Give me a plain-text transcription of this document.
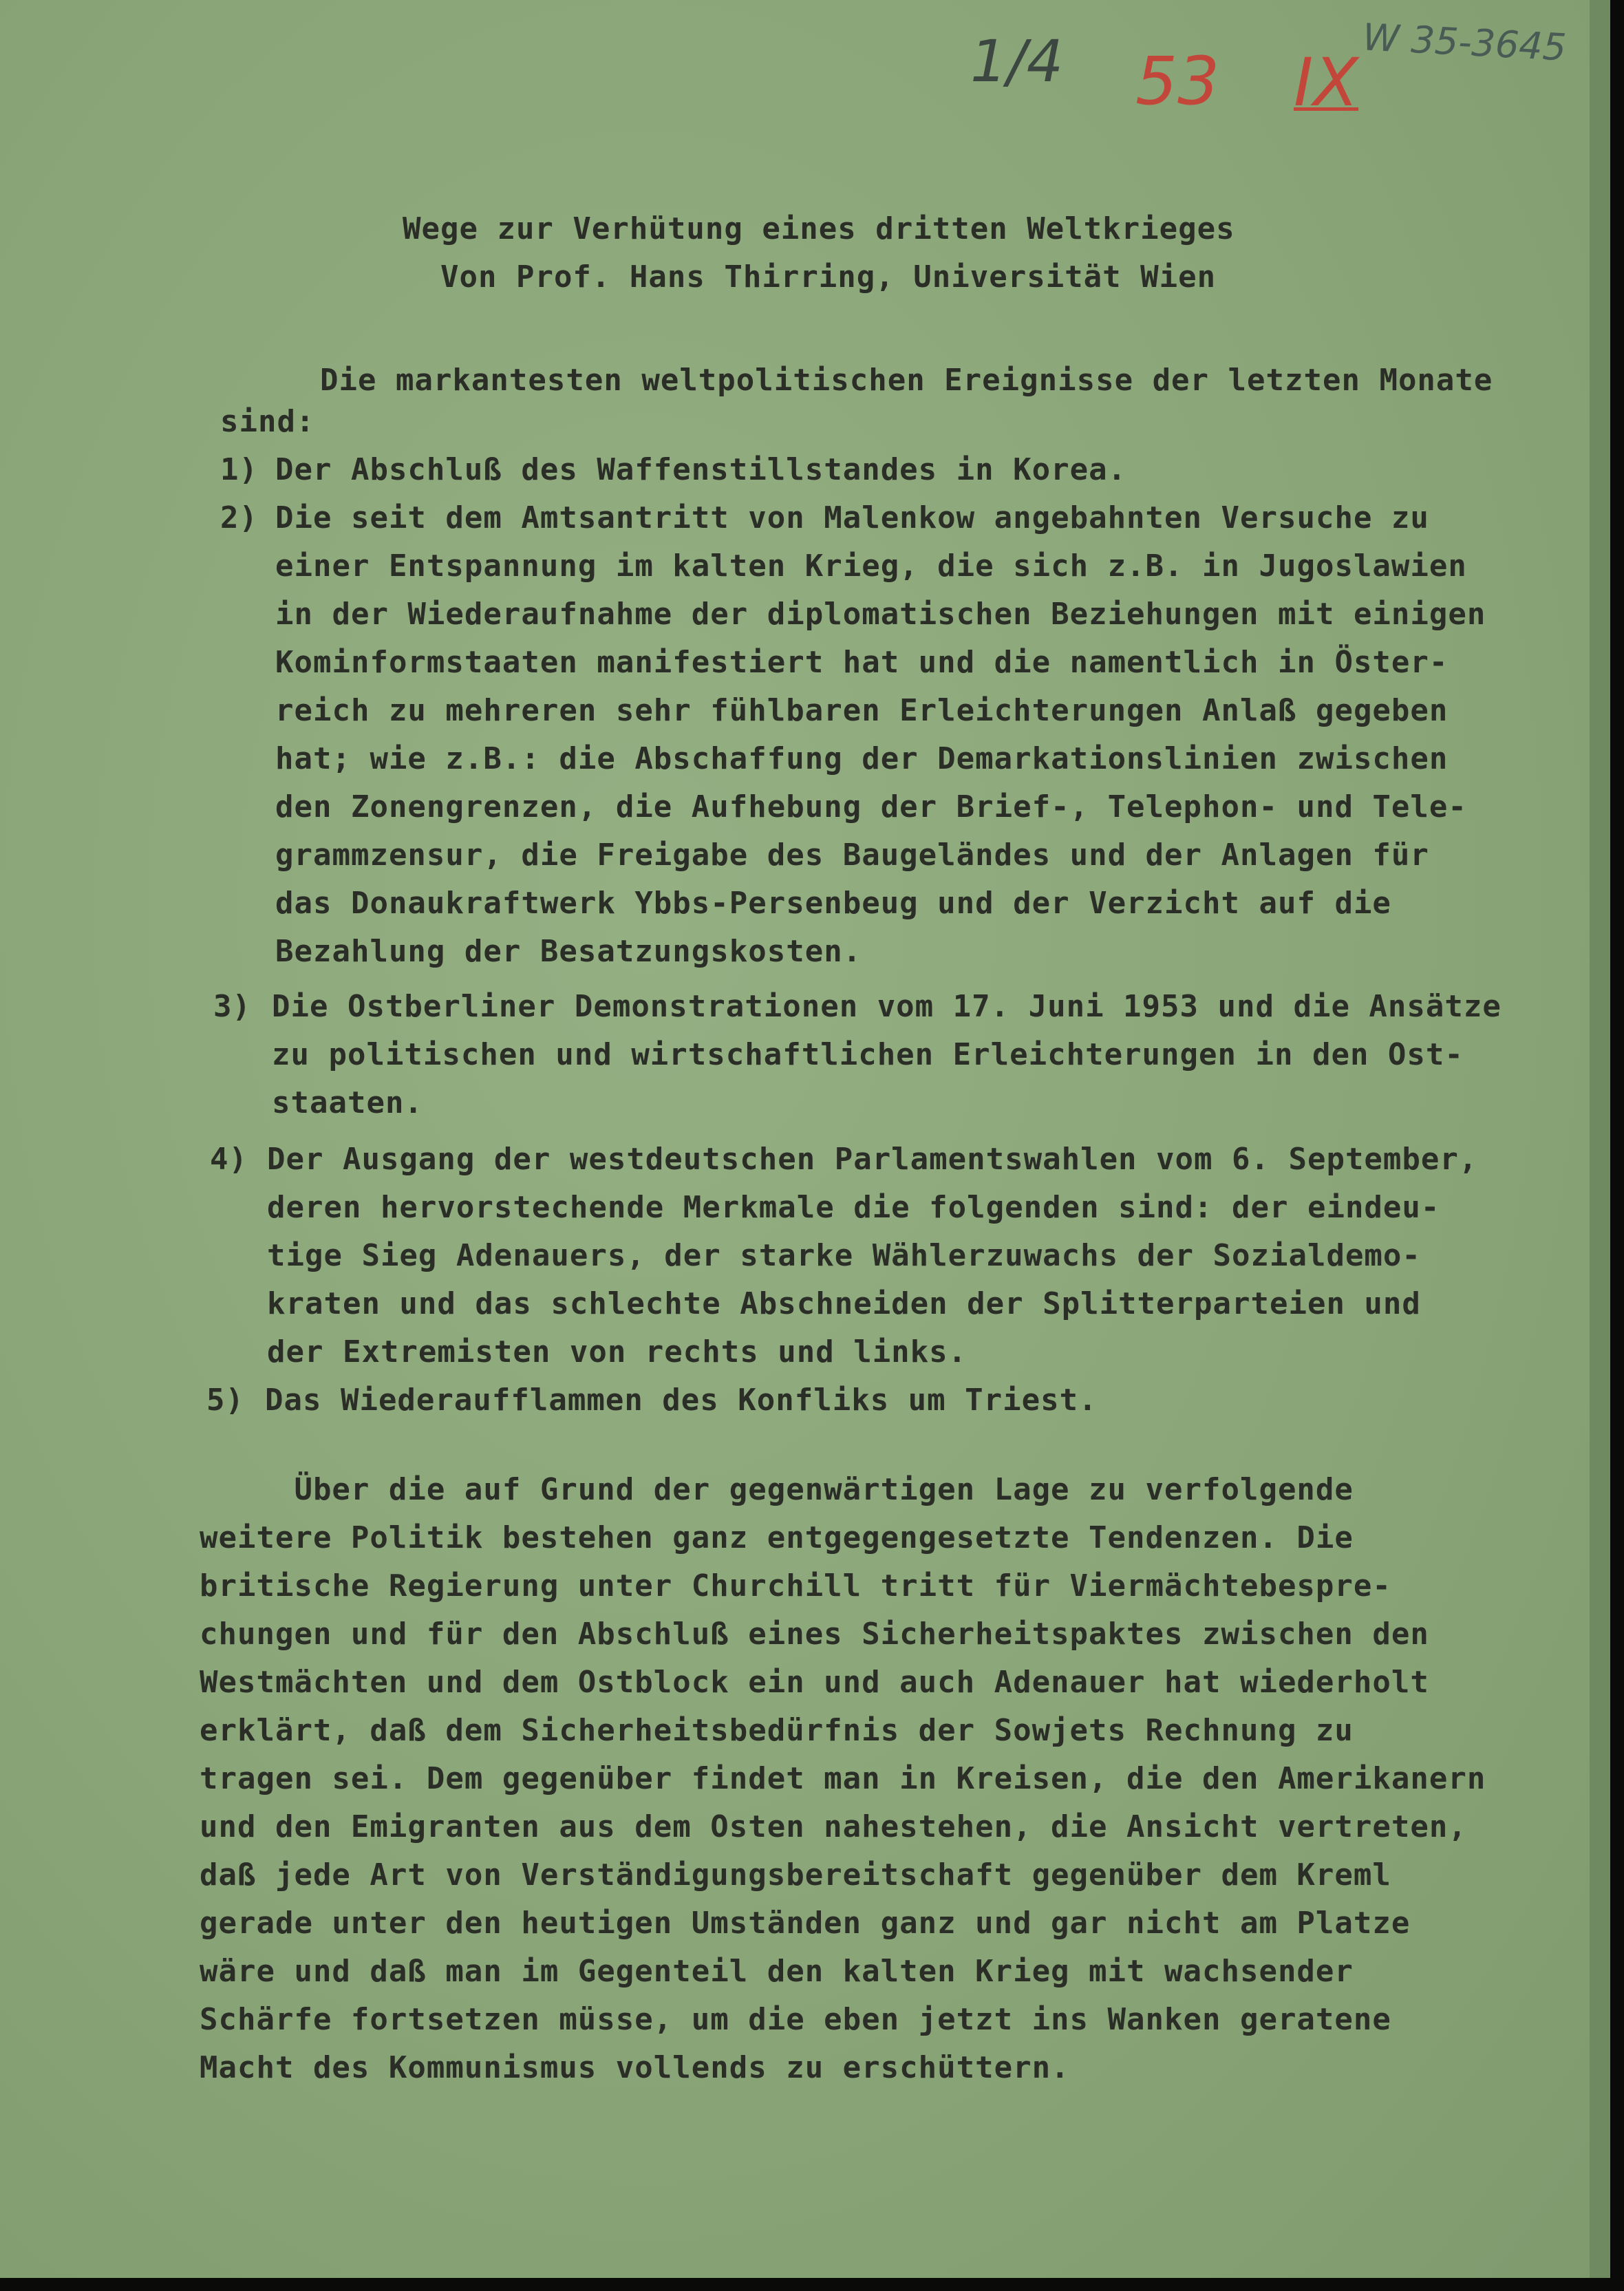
W 35-3645
1/4 53 IX
Wege zur Verhütung eines dritten Weltkrieges
Von Prof. Hans Thirring, Universität Wien
Die markantesten weltpolitischen Ereignisse der letzten Monate
sind:
1) Der Abschluß des Waffenstillstandes in Korea.
2) Die seit dem Amtsantritt von Malenkow angebahnten Versuche zu
einer Entspannung im kalten Krieg, die sich z.B. in Jugoslawien
in der Wiederaufnahme der diplomatischen Beziehungen mit einigen
Kominformstaaten manifestiert hat und die namentlich in Öster-
reich zu mehreren sehr fühlbaren Erleichterungen Anlaß gegeben
hat; wie z.B.: die Abschaffung der Demarkationslinien zwischen
den Zonengrenzen, die Aufhebung der Brief-, Telephon- und Tele-
grammzensur, die Freigabe des Baugeländes und der Anlagen für
das Donaukraftwerk Ybbs-Persenbeug und der Verzicht auf die
Bezahlung der Besatzungskosten.
3) Die Ostberliner Demonstrationen vom 17. Juni 1953 und die Ansätze
zu politischen und wirtschaftlichen Erleichterungen in den Ost-
staaten.
4) Der Ausgang der westdeutschen Parlamentswahlen vom 6. September,
deren hervorstechende Merkmale die folgenden sind: der eindeu-
tige Sieg Adenauers, der starke Wählerzuwachs der Sozialdemo-
kraten und das schlechte Abschneiden der Splitterparteien und
der Extremisten von rechts und links.
5) Das Wiederaufflammen des Konfliks um Triest.
Über die auf Grund der gegenwärtigen Lage zu verfolgende
weitere Politik bestehen ganz entgegengesetzte Tendenzen. Die
britische Regierung unter Churchill tritt für Viermächtebespre-
chungen und für den Abschluß eines Sicherheitspaktes zwischen den
Westmächten und dem Ostblock ein und auch Adenauer hat wiederholt
erklärt, daß dem Sicherheitsbedürfnis der Sowjets Rechnung zu
tragen sei. Dem gegenüber findet man in Kreisen, die den Amerikanern
und den Emigranten aus dem Osten nahestehen, die Ansicht vertreten,
daß jede Art von Verständigungsbereitschaft gegenüber dem Kreml
gerade unter den heutigen Umständen ganz und gar nicht am Platze
wäre und daß man im Gegenteil den kalten Krieg mit wachsender
Schärfe fortsetzen müsse, um die eben jetzt ins Wanken geratene
Macht des Kommunismus vollends zu erschüttern.
